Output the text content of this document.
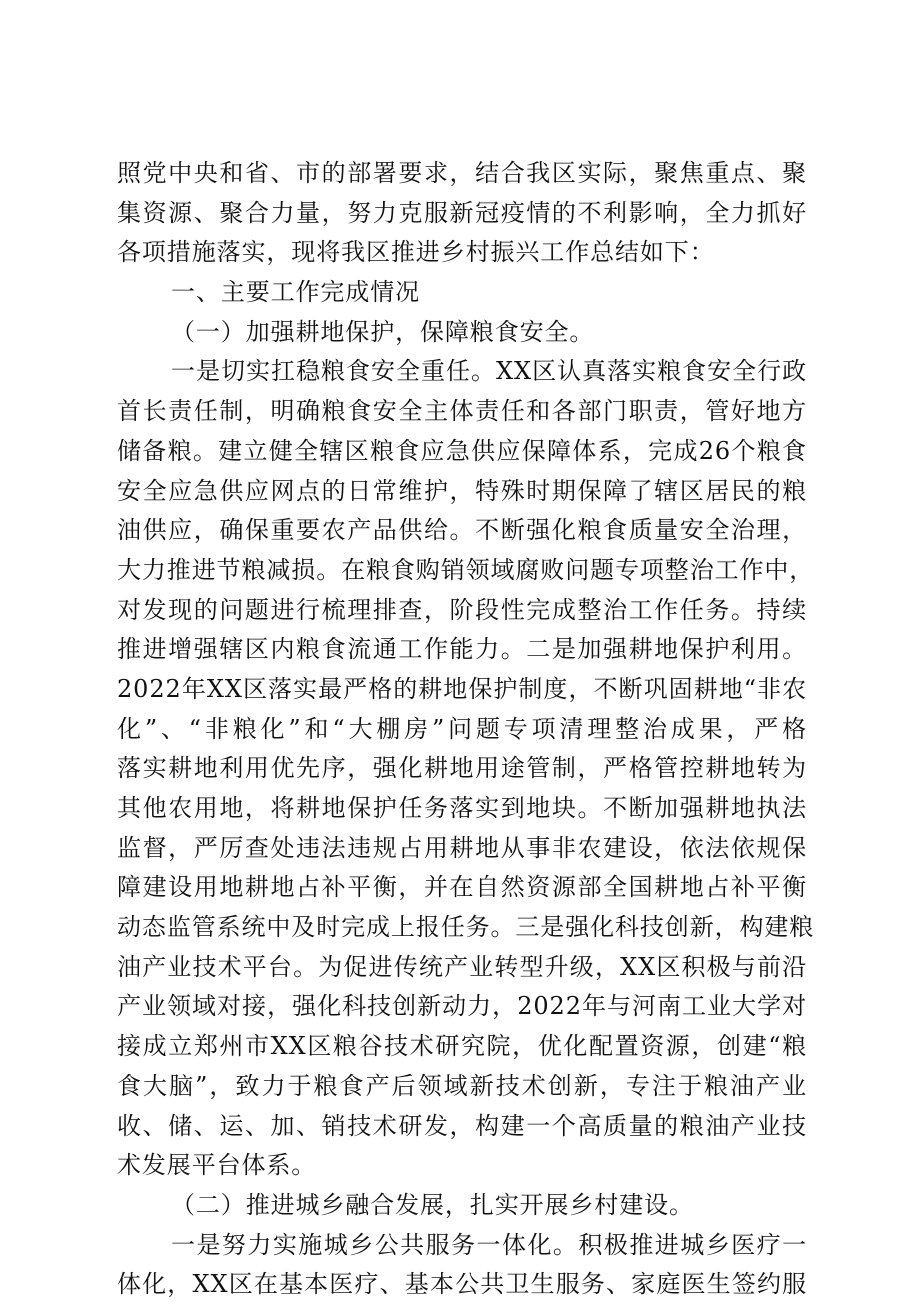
照党中央和省、市的部署要求，结合我区实际，聚焦重点、聚
集资源、聚合力量，努力克服新冠疫情的不利影响，全力抓好
各项措施落实，现将我区推进乡村振兴工作总结如下：
一、主要工作完成情况
（一）加强耕地保护，保障粮食安全。
一是切实扛稳粮食安全重任。XX区认真落实粮食安全行政
首长责任制，明确粮食安全主体责任和各部门职责，管好地方
储备粮。建立健全辖区粮食应急供应保障体系，完成26个粮食
安全应急供应网点的日常维护，特殊时期保障了辖区居民的粮
油供应，确保重要农产品供给。不断强化粮食质量安全治理，
大力推进节粮减损。在粮食购销领域腐败问题专项整治工作中，
对发现的问题进行梳理排查，阶段性完成整治工作任务。持续
推进增强辖区内粮食流通工作能力。二是加强耕地保护利用。
2022年XX区落实最严格的耕地保护制度，不断巩固耕地“非农
化”、“非粮化”和“大棚房”问题专项清理整治成果，严格
落实耕地利用优先序，强化耕地用途管制，严格管控耕地转为
其他农用地，将耕地保护任务落实到地块。不断加强耕地执法
监督，严厉查处违法违规占用耕地从事非农建设，依法依规保
障建设用地耕地占补平衡，并在自然资源部全国耕地占补平衡
动态监管系统中及时完成上报任务。三是强化科技创新，构建粮
油产业技术平台。为促进传统产业转型升级，XX区积极与前沿
产业领域对接，强化科技创新动力，2022年与河南工业大学对
接成立郑州市XX区粮谷技术研究院，优化配置资源，创建“粮
食大脑”，致力于粮食产后领域新技术创新，专注于粮油产业
收、储、运、加、销技术研发，构建一个高质量的粮油产业技
术发展平台体系。
（二）推进城乡融合发展，扎实开展乡村建设。
一是努力实施城乡公共服务一体化。积极推进城乡医疗一
体化，XX区在基本医疗、基本公共卫生服务、家庭医生签约服
